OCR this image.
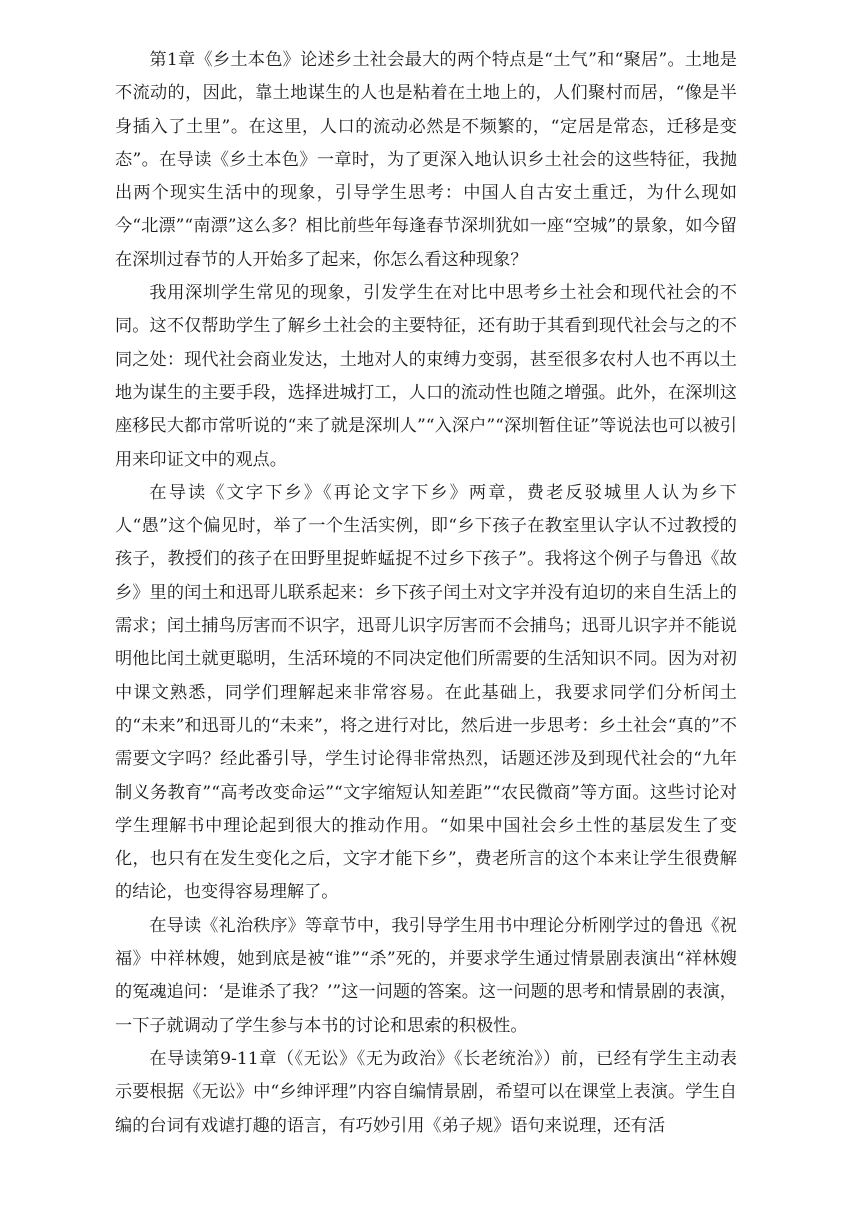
第1章《乡土本色》论述乡土社会最大的两个特点是“土气”和“聚居”。土地是不流动的，因此，靠土地谋生的人也是粘着在土地上的，人们聚村而居，“像是半身插入了土里”。在这里，人口的流动必然是不频繁的，“定居是常态，迁移是变态”。在导读《乡土本色》一章时，为了更深入地认识乡土社会的这些特征，我抛出两个现实生活中的现象，引导学生思考：中国人自古安土重迁，为什么现如今“北漂”“南漂”这么多？相比前些年每逢春节深圳犹如一座“空城”的景象，如今留在深圳过春节的人开始多了起来，你怎么看这种现象？

我用深圳学生常见的现象，引发学生在对比中思考乡土社会和现代社会的不同。这不仅帮助学生了解乡土社会的主要特征，还有助于其看到现代社会与之的不同之处：现代社会商业发达，土地对人的束缚力变弱，甚至很多农村人也不再以土地为谋生的主要手段，选择进城打工，人口的流动性也随之增强。此外，在深圳这座移民大都市常听说的“来了就是深圳人”“入深户”“深圳暂住证”等说法也可以被引用来印证文中的观点。

在导读《文字下乡》《再论文字下乡》两章，费老反驳城里人认为乡下人“愚”这个偏见时，举了一个生活实例，即“乡下孩子在教室里认字认不过教授的孩子，教授们的孩子在田野里捉蚱蜢捉不过乡下孩子”。我将这个例子与鲁迅《故乡》里的闰土和迅哥儿联系起来：乡下孩子闰土对文字并没有迫切的来自生活上的需求；闰土捕鸟厉害而不识字，迅哥儿识字厉害而不会捕鸟；迅哥儿识字并不能说明他比闰土就更聪明，生活环境的不同决定他们所需要的生活知识不同。因为对初中课文熟悉，同学们理解起来非常容易。在此基础上，我要求同学们分析闰土的“未来”和迅哥儿的“未来”，将之进行对比，然后进一步思考：乡土社会“真的”不需要文字吗？经此番引导，学生讨论得非常热烈，话题还涉及到现代社会的“九年制义务教育”“高考改变命运”“文字缩短认知差距”“农民微商”等方面。这些讨论对学生理解书中理论起到很大的推动作用。“如果中国社会乡土性的基层发生了变化，也只有在发生变化之后，文字才能下乡”，费老所言的这个本来让学生很费解的结论，也变得容易理解了。

在导读《礼治秩序》等章节中，我引导学生用书中理论分析刚学过的鲁迅《祝福》中祥林嫂，她到底是被“谁”“杀”死的，并要求学生通过情景剧表演出“祥林嫂的冤魂追问：‘是谁杀了我？’”这一问题的答案。这一问题的思考和情景剧的表演，一下子就调动了学生参与本书的讨论和思索的积极性。

在导读第9-11章（《无讼》《无为政治》《长老统治》）前，已经有学生主动表示要根据《无讼》中“乡绅评理”内容自编情景剧，希望可以在课堂上表演。学生自编的台词有戏谑打趣的语言，有巧妙引用《弟子规》语句来说理，还有活
